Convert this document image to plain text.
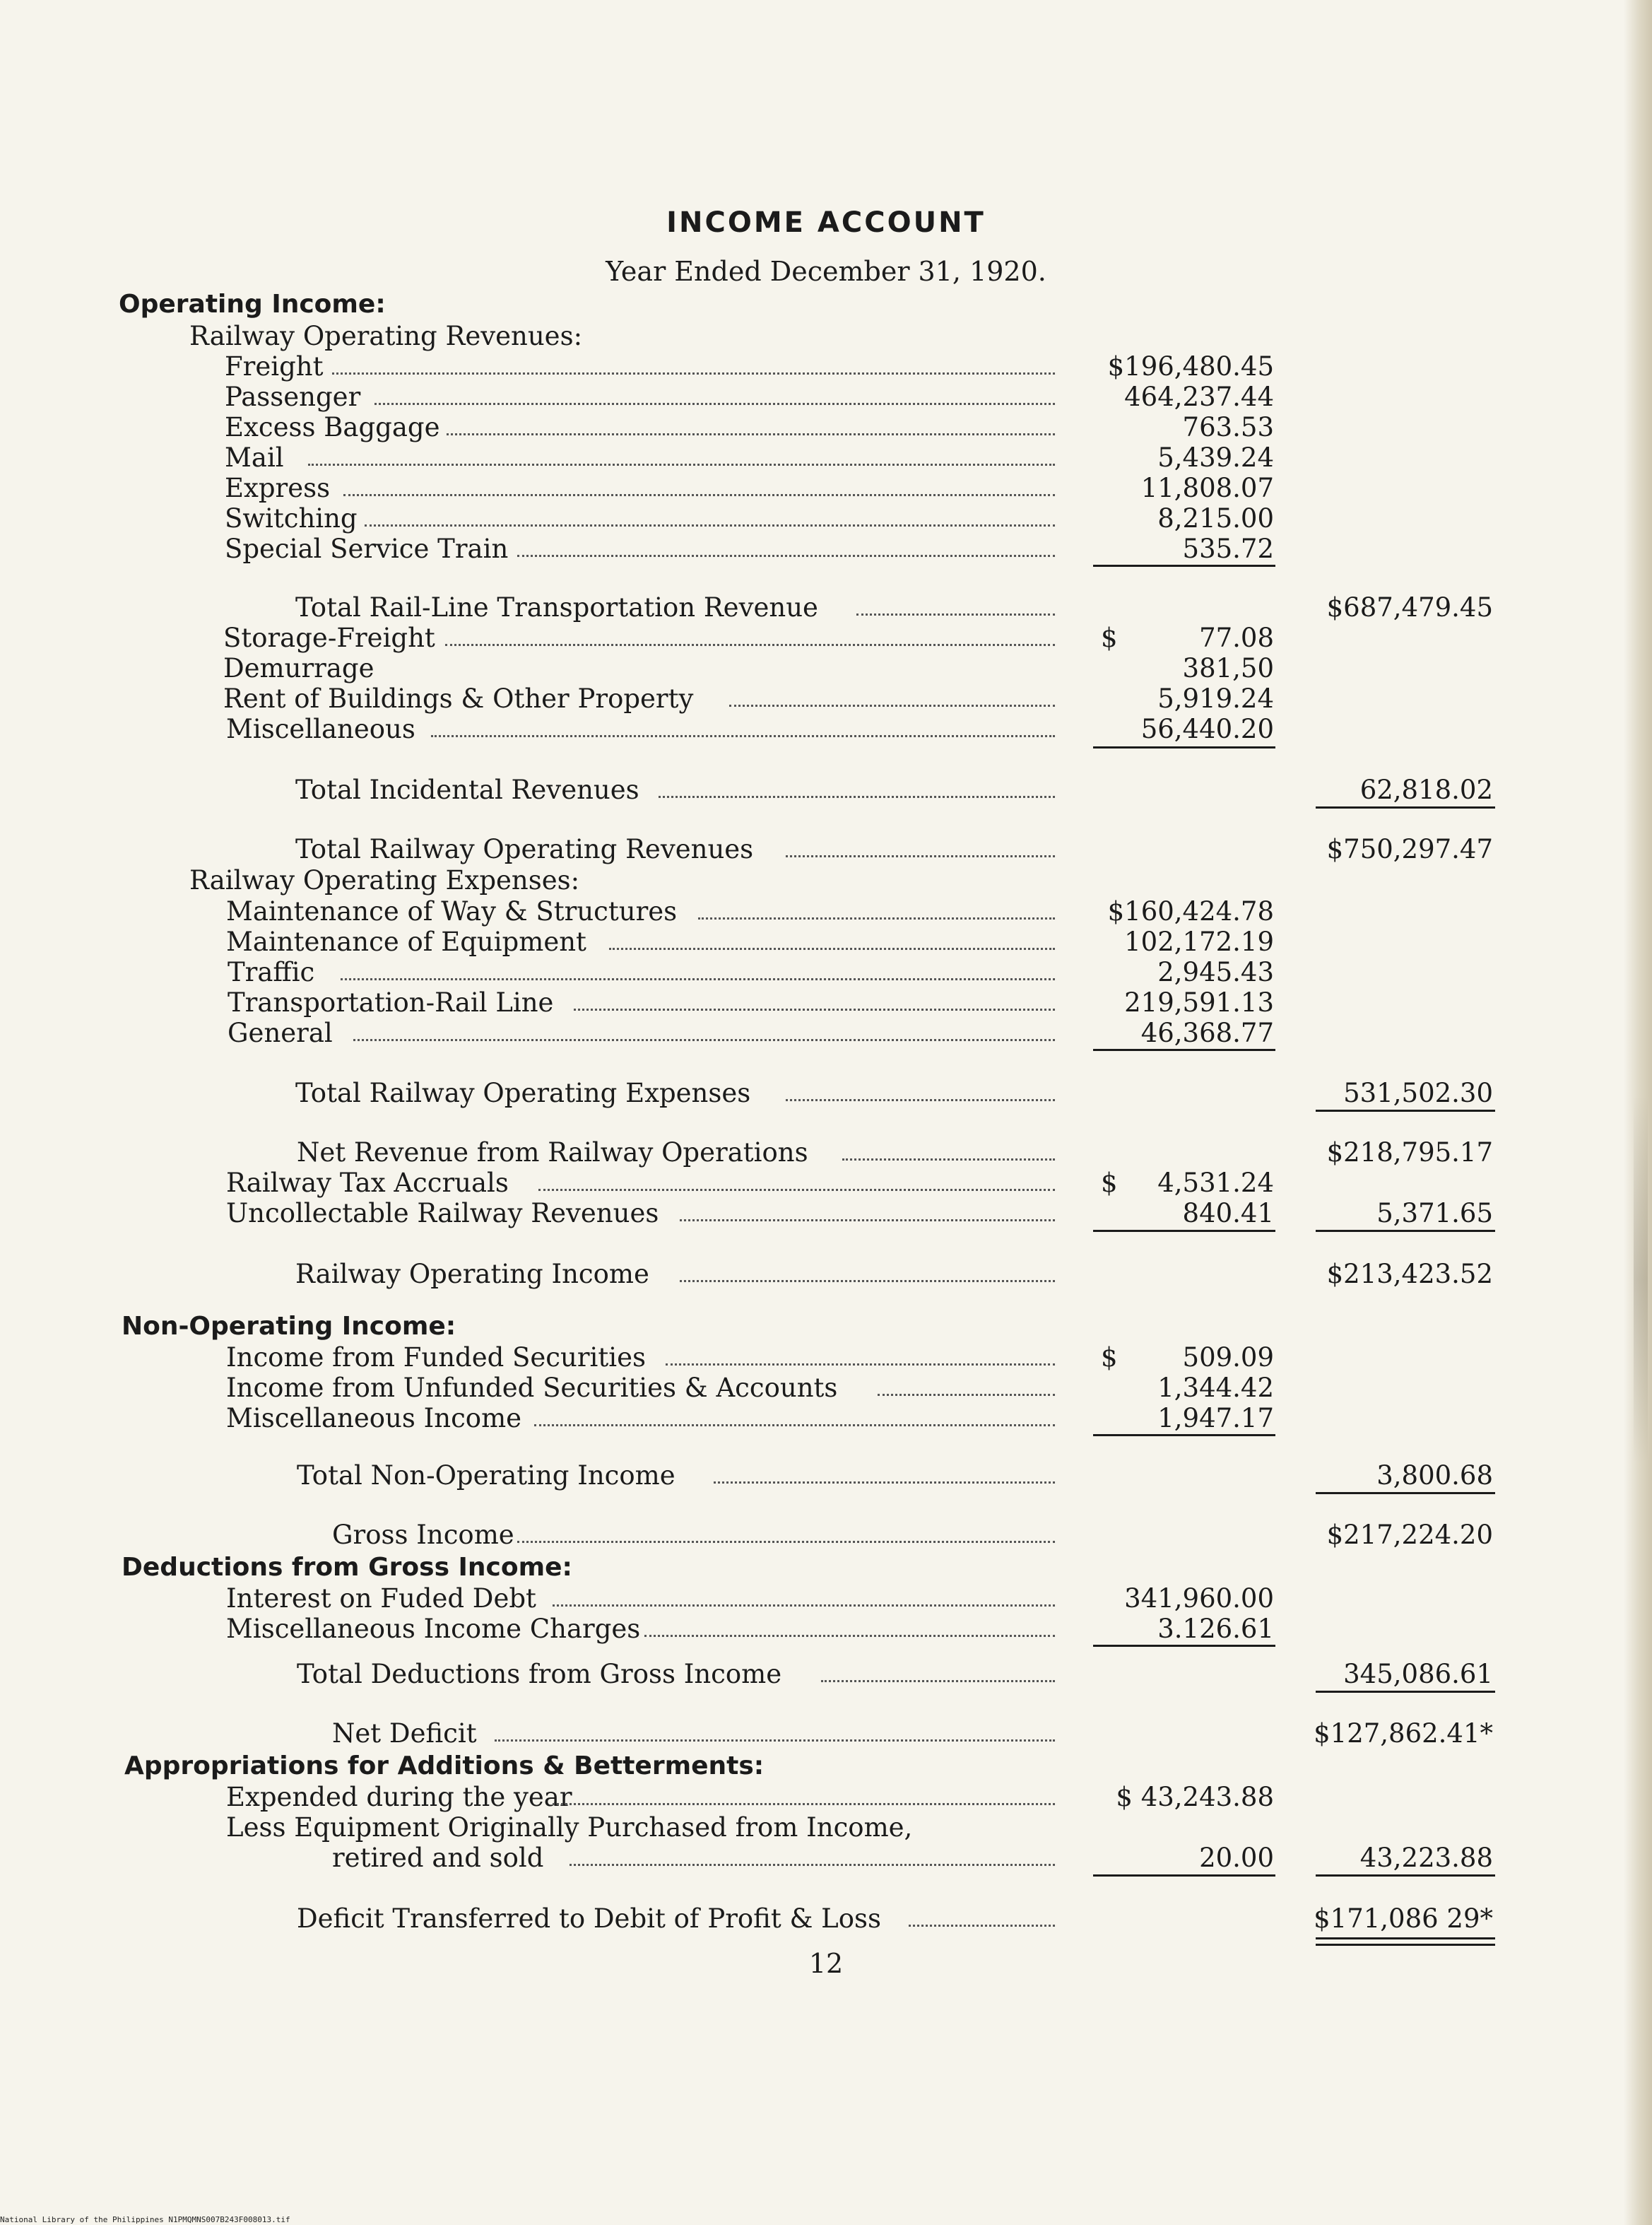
INCOME ACCOUNT
Year Ended December 31, 1920.
Operating Income:
Railway Operating Revenues:
Freight	$196,480.45
Passenger	464,237.44
Excess Baggage	763.53
Mail	5,439.24
Express	11,808.07
Switching	8,215.00
Special Service Train	535.72
Total Rail-Line Transportation Revenue	$687,479.45
Storage-Freight	$	77.08
Demurrage	381,50
Rent of Buildings & Other Property	5,919.24
Miscellaneous	56,440.20
Total Incidental Revenues	62,818.02
Total Railway Operating Revenues	$750,297.47
Railway Operating Expenses:
Maintenance of Way & Structures	$160,424.78
Maintenance of Equipment	102,172.19
Traffic	2,945.43
Transportation-Rail Line	219,591.13
General	46,368.77
Total Railway Operating Expenses	531,502.30
Net Revenue from Railway Operations	$218,795.17
Railway Tax Accruals	$ 4,531.24
Uncollectable Railway Revenues	840.41	5,371.65
Railway Operating Income	$213,423.52
Non-Operating Income:
Income from Funded Securities	$ 509.09
Income from Unfunded Securities & Accounts	1,344.42
Miscellaneous Income	1,947.17
Total Non-Operating Income	3,800.68
Gross Income	$217,224.20
Deductions from Gross Income:
Interest on Fuded Debt	341,960.00
Miscellaneous Income Charges	3.126.61
Total Deductions from Gross Income	345,086.61
Net Deficit	$127,862.41*
Appropriations for Additions & Betterments:
Expended during the year	$ 43,243.88
Less Equipment Originally Purchased from Income,
retired and sold	20.00	43,223.88
Deficit Transferred to Debit of Profit & Loss	$171,086 29*
12
National Library of the Philippines N1PMQMNS007B243F008013.tif
